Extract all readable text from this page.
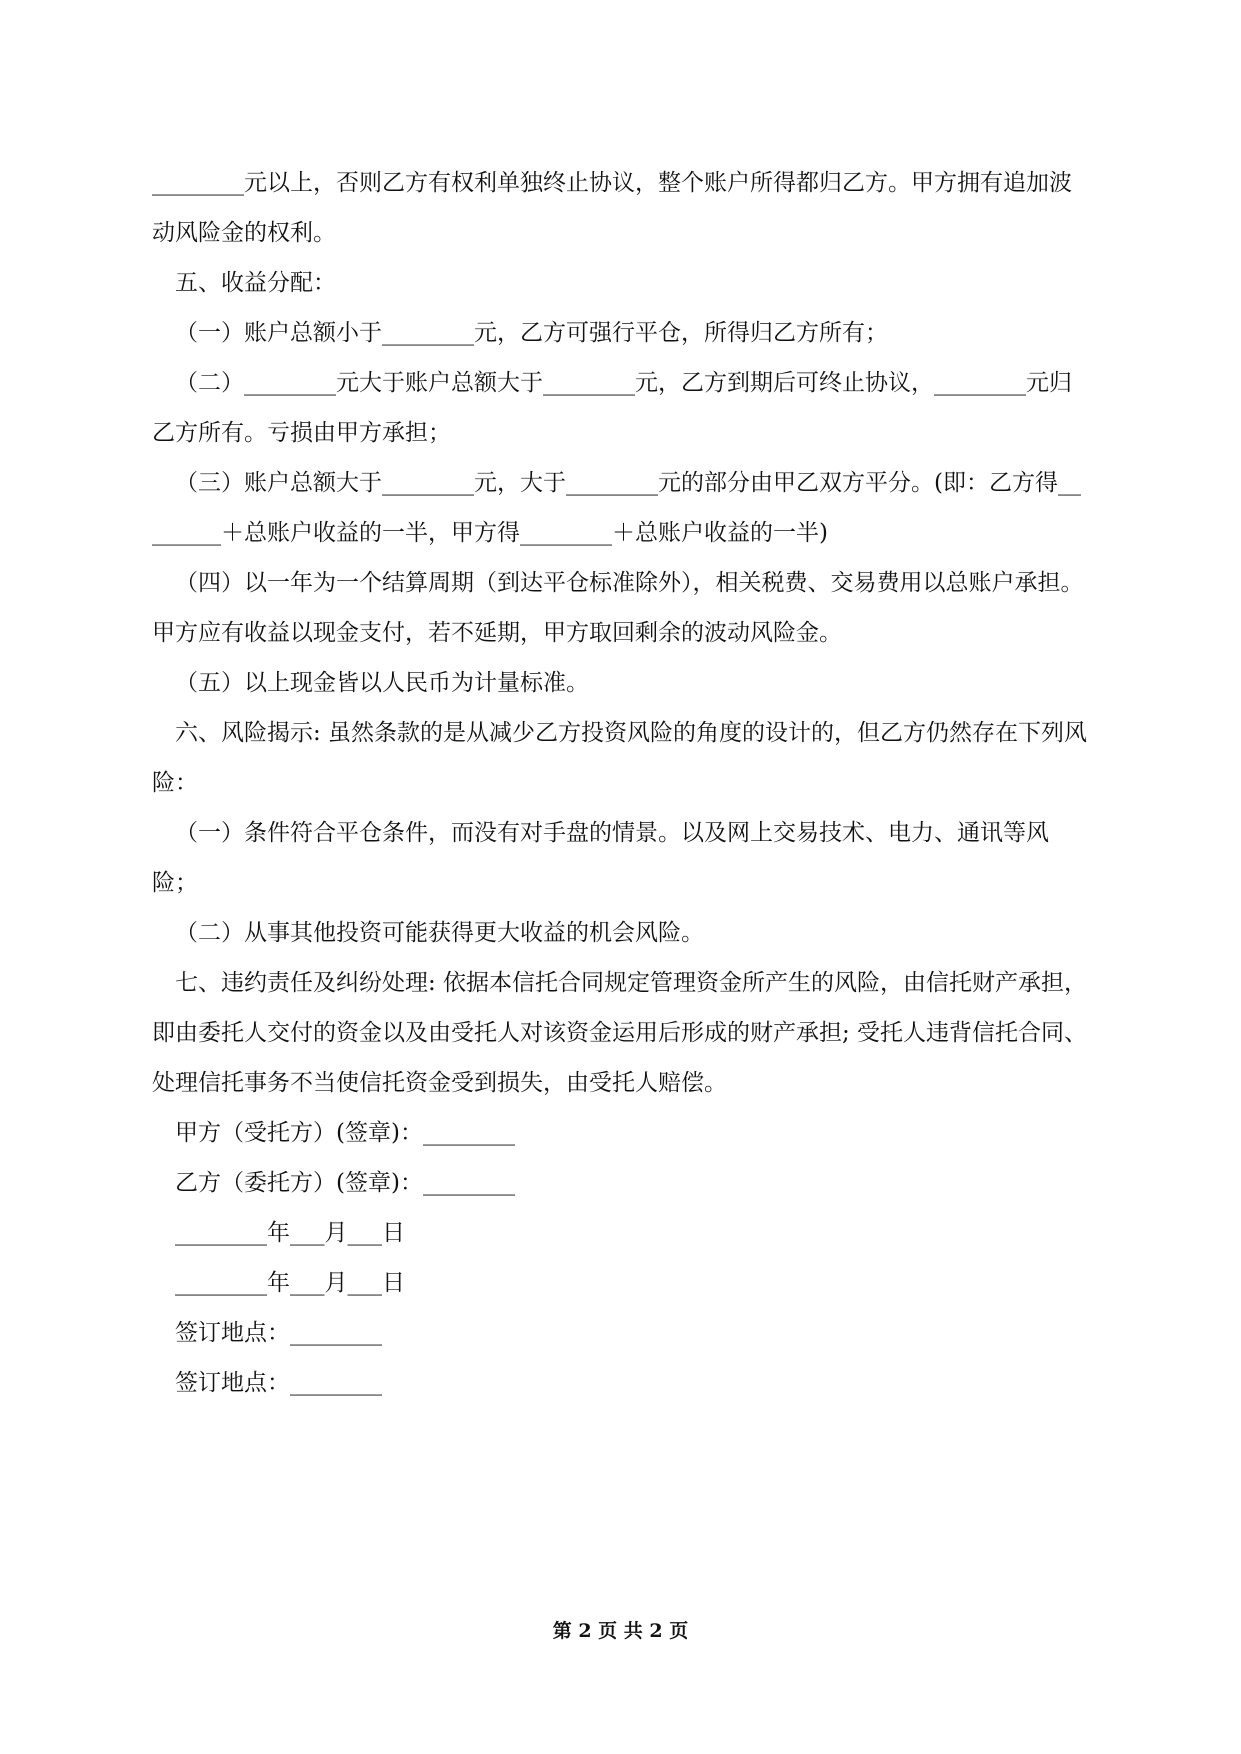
________元以上，否则乙方有权利单独终止协议，整个账户所得都归乙方。甲方拥有追加波动风险金的权利。

五、收益分配：

（一）账户总额小于________元，乙方可强行平仓，所得归乙方所有；

（二）________元大于账户总额大于________元，乙方到期后可终止协议，________元归乙方所有。亏损由甲方承担；

（三）账户总额大于________元，大于________元的部分由甲乙双方平分。(即：乙方得________＋总账户收益的一半，甲方得________＋总账户收益的一半)

（四）以一年为一个结算周期（到达平仓标准除外），相关税费、交易费用以总账户承担。甲方应有收益以现金支付，若不延期，甲方取回剩余的波动风险金。

（五）以上现金皆以人民币为计量标准。

六、风险揭示: 虽然条款的是从减少乙方投资风险的角度的设计的，但乙方仍然存在下列风险：

（一）条件符合平仓条件，而没有对手盘的情景。以及网上交易技术、电力、通讯等风险；

（二）从事其他投资可能获得更大收益的机会风险。

七、违约责任及纠纷处理: 依据本信托合同规定管理资金所产生的风险，由信托财产承担，即由委托人交付的资金以及由受托人对该资金运用后形成的财产承担; 受托人违背信托合同、处理信托事务不当使信托资金受到损失，由受托人赔偿。

甲方（受托方）(签章)：________

乙方（委托方）(签章)：________

________年___月___日

________年___月___日

签订地点：________

签订地点：________

第 2 页 共 2 页
